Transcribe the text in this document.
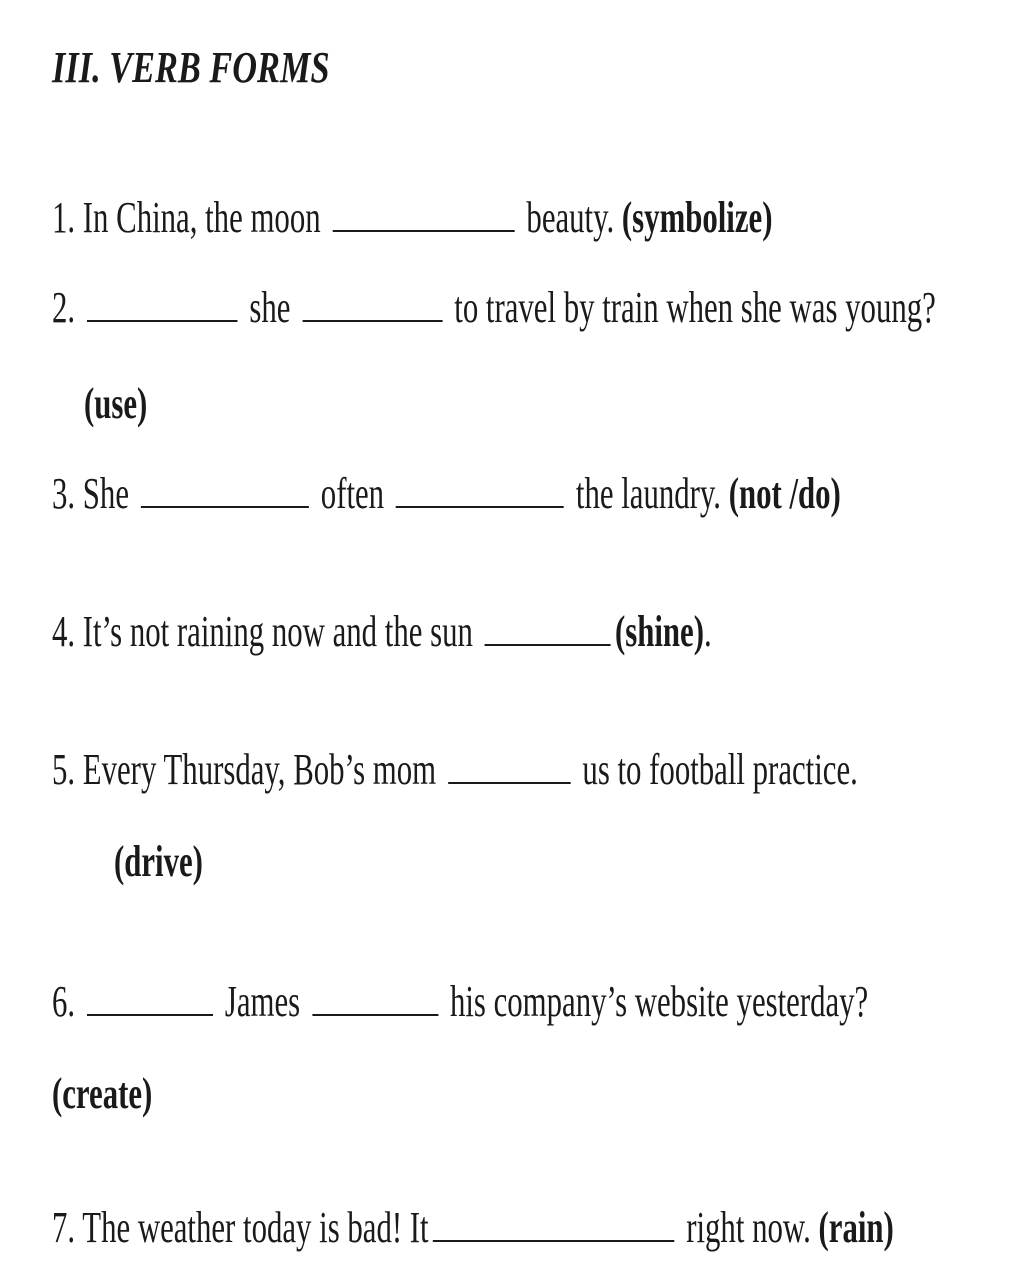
III. VERB FORMS
1. In China, the moon	beauty. (symbolize)
2.	she	to travel by train when she was young?
(use)
3. She	often	the laundry. (not /do)
4. It’s not raining now and the sun	(shine).
5. Every Thursday, Bob’s mom	us to football practice.
(drive)
6.	James	his company’s website yesterday?
(create)
7. The weather today is bad! It	right now. (rain)
